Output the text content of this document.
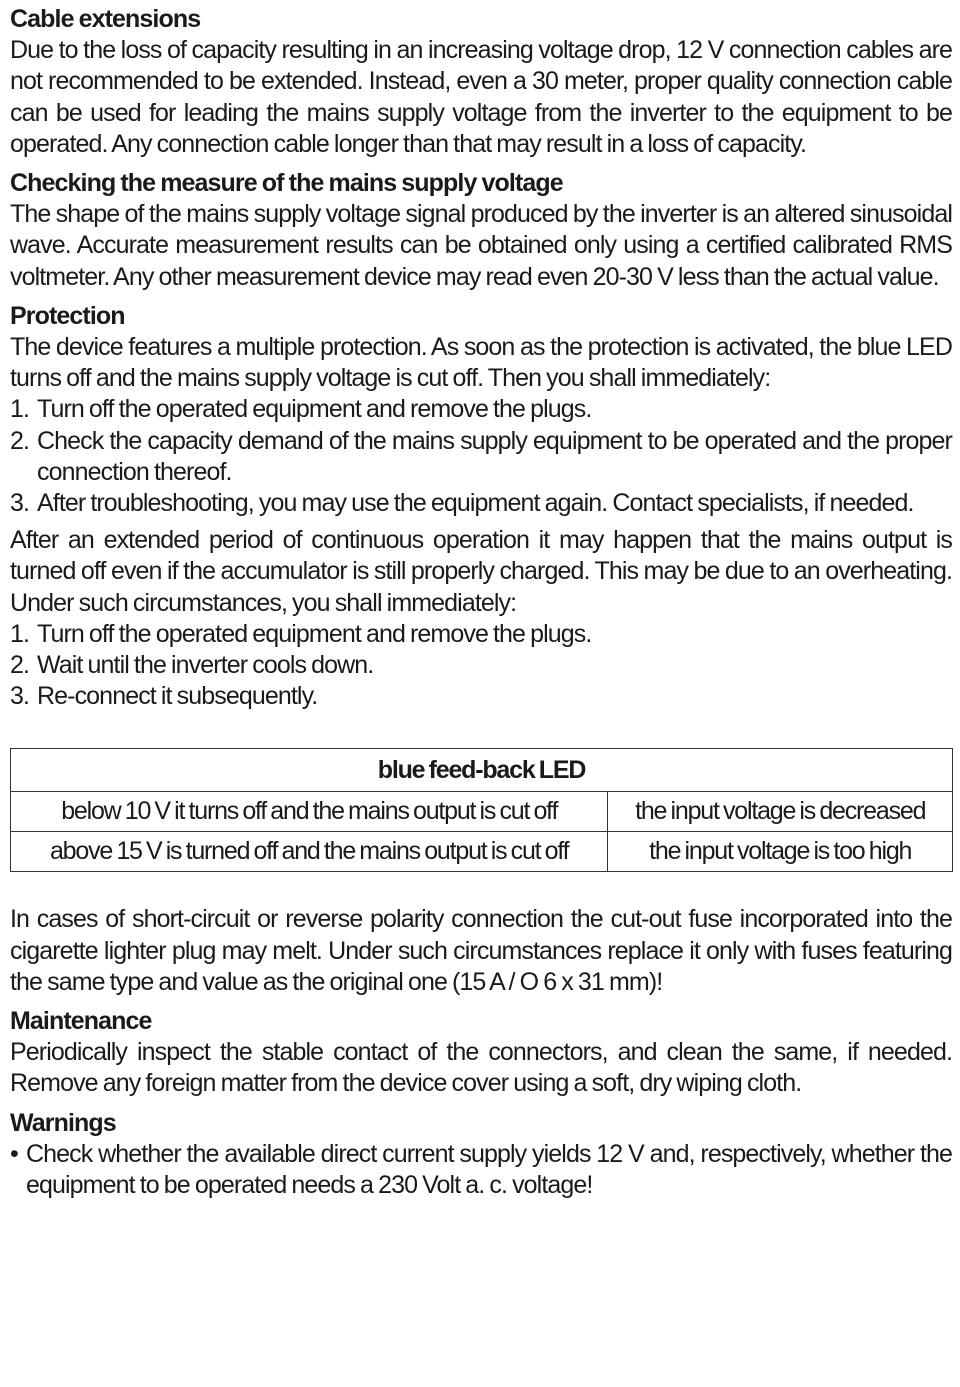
Cable extensions

Due to the loss of capacity resulting in an increasing voltage drop, 12 V connection cables are not recommended to be extended. Instead, even a 30 meter, proper quality connection cable can be used for leading the mains supply voltage from the inverter to the equipment to be operated. Any connection cable longer than that may result in a loss of capacity.

Checking the measure of the mains supply voltage

The shape of the mains supply voltage signal produced by the inverter is an altered sinusoidal wave. Accurate measurement results can be obtained only using a certified calibrated RMS voltmeter. Any other measurement device may read even 20-30 V less than the actual value.

Protection

The device features a multiple protection. As soon as the protection is activated, the blue LED turns off and the mains supply voltage is cut off. Then you shall immediately:

1. Turn off the operated equipment and remove the plugs.
2. Check the capacity demand of the mains supply equipment to be operated and the proper connection thereof.
3. After troubleshooting, you may use the equipment again. Contact specialists, if needed.

After an extended period of continuous operation it may happen that the mains output is turned off even if the accumulator is still properly charged. This may be due to an overheating. Under such circumstances, you shall immediately:

1. Turn off the operated equipment and remove the plugs.
2. Wait until the inverter cools down.
3. Re-connect it subsequently.
blue feed-back LED	
below 10 V it turns off and the mains output is cut off	the input voltage is decreased
above 15 V is turned off and the mains output is cut off	the input voltage is too high

In cases of short-circuit or reverse polarity connection the cut-out fuse incorporated into the cigarette lighter plug may melt. Under such circumstances replace it only with fuses featuring the same type and value as the original one (15 A / O 6 x 31 mm)!

Maintenance

Periodically inspect the stable contact of the connectors, and clean the same, if needed. Remove any foreign matter from the device cover using a soft, dry wiping cloth.

Warnings
• Check whether the available direct current supply yields 12 V and, respectively, whether the equipment to be operated needs a 230 Volt a. c. voltage!
